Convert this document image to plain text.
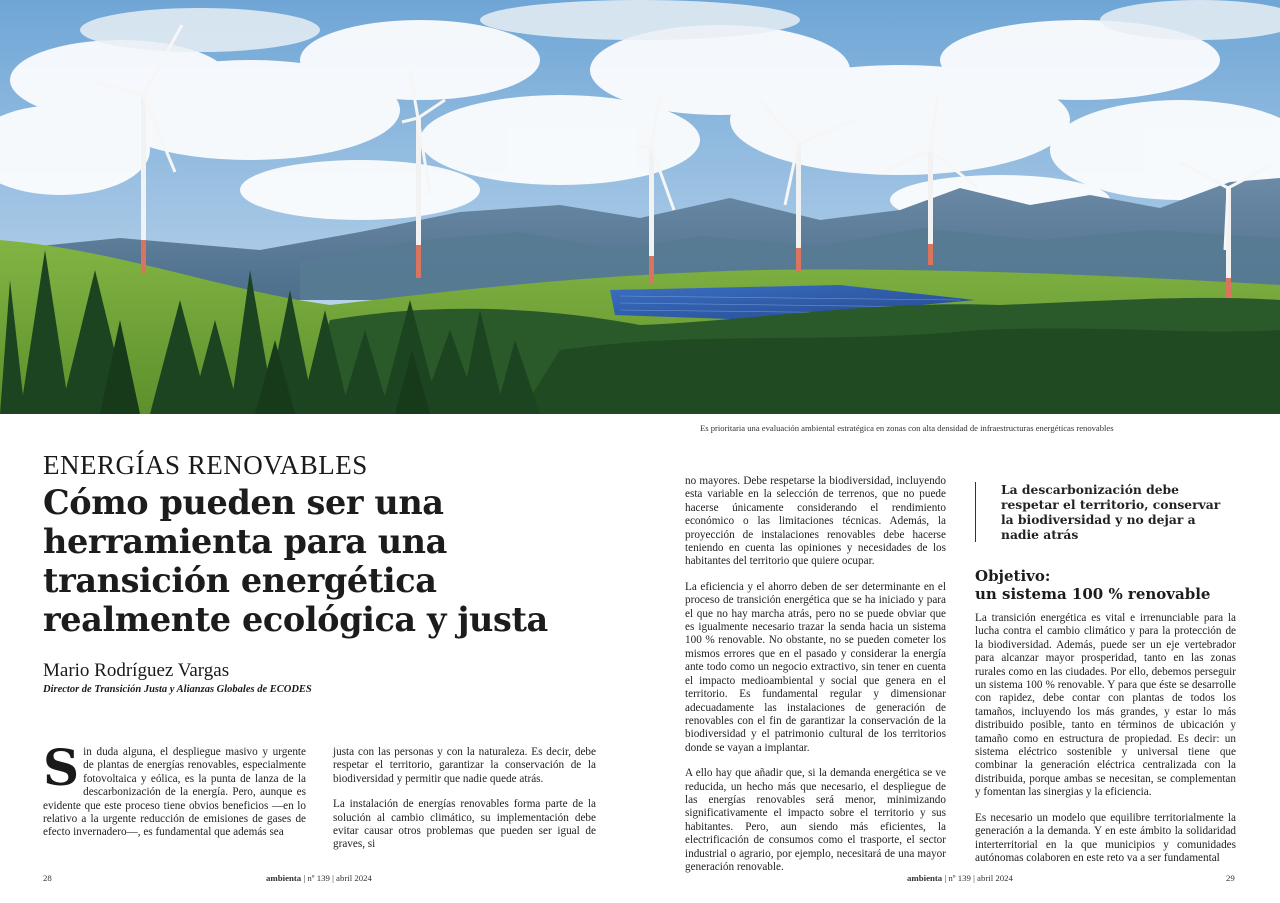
Es prioritaria una evaluación ambiental estratégica en zonas con alta densidad de infraestructuras energéticas renovables
ENERGÍAS RENOVABLES
Cómo pueden ser una
herramienta para una
transición energética
realmente ecológica y justa
Mario Rodríguez Vargas
Director de Transición Justa y Alianzas Globales de ECODES

Sin duda alguna, el despliegue masivo y urgente de plantas de energías renovables, especialmente fotovoltaica y eólica, es la punta de lanza de la descarbonización de la energía. Pero, aunque es evidente que este proceso tiene obvios beneficios —en lo relativo a la urgente reducción de emisiones de gases de efecto invernadero—, es fundamental que además sea

justa con las personas y con la naturaleza. Es decir, debe respetar el territorio, garantizar la conservación de la biodiversidad y permitir que nadie quede atrás.

La instalación de energías renovables forma parte de la solución al cambio climático, su implementación debe evitar causar otros problemas que pueden ser igual de graves, si

no mayores. Debe respetarse la biodiversidad, incluyendo esta variable en la selección de terrenos, que no puede hacerse únicamente considerando el rendimiento económico o las limitaciones técnicas. Además, la proyección de instalaciones renovables debe hacerse teniendo en cuenta las opiniones y necesidades de los habitantes del territorio que quiere ocupar.

La eficiencia y el ahorro deben de ser determinante en el proceso de transición energética que se ha iniciado y para el que no hay marcha atrás, pero no se puede obviar que es igualmente necesario trazar la senda hacia un sistema 100 % renovable. No obstante, no se pueden cometer los mismos errores que en el pasado y considerar la energía ante todo como un negocio extractivo, sin tener en cuenta el impacto medioambiental y social que genera en el territorio. Es fundamental regular y dimensionar adecuadamente las instalaciones de generación de renovables con el fin de garantizar la conservación de la biodiversidad y el patrimonio cultural de los territorios donde se vayan a implantar.

A ello hay que añadir que, si la demanda energética se ve reducida, un hecho más que necesario, el despliegue de las energías renovables será menor, minimizando significativamente el impacto sobre el territorio y sus habitantes. Pero, aun siendo más eficientes, la electrificación de consumos como el trasporte, el sector industrial o agrario, por ejemplo, necesitará de una mayor generación renovable.

La descarbonización debe respetar el territorio, conservar la biodiversidad y no dejar a nadie atrás
Objetivo:
un sistema 100 % renovable

La transición energética es vital e irrenunciable para la lucha contra el cambio climático y para la protección de la biodiversidad. Además, puede ser un eje vertebrador para alcanzar mayor prosperidad, tanto en las zonas rurales como en las ciudades. Por ello, debemos perseguir un sistema 100 % renovable. Y para que éste se desarrolle con rapidez, debe contar con plantas de todos los tamaños, incluyendo los más grandes, y estar lo más distribuido posible, tanto en términos de ubicación y tamaño como en estructura de propiedad. Es decir: un sistema eléctrico sostenible y universal tiene que combinar la generación eléctrica centralizada con la distribuida, porque ambas se necesitan, se complementan y fomentan las sinergias y la eficiencia.

Es necesario un modelo que equilibre territorialmente la generación a la demanda. Y en este ámbito la solidaridad interterritorial en la que municipios y comunidades autónomas colaboren en este reto va a ser fundamental

28	ambienta | nº 139 | abril 2024	ambienta | nº 139 | abril 2024	29
